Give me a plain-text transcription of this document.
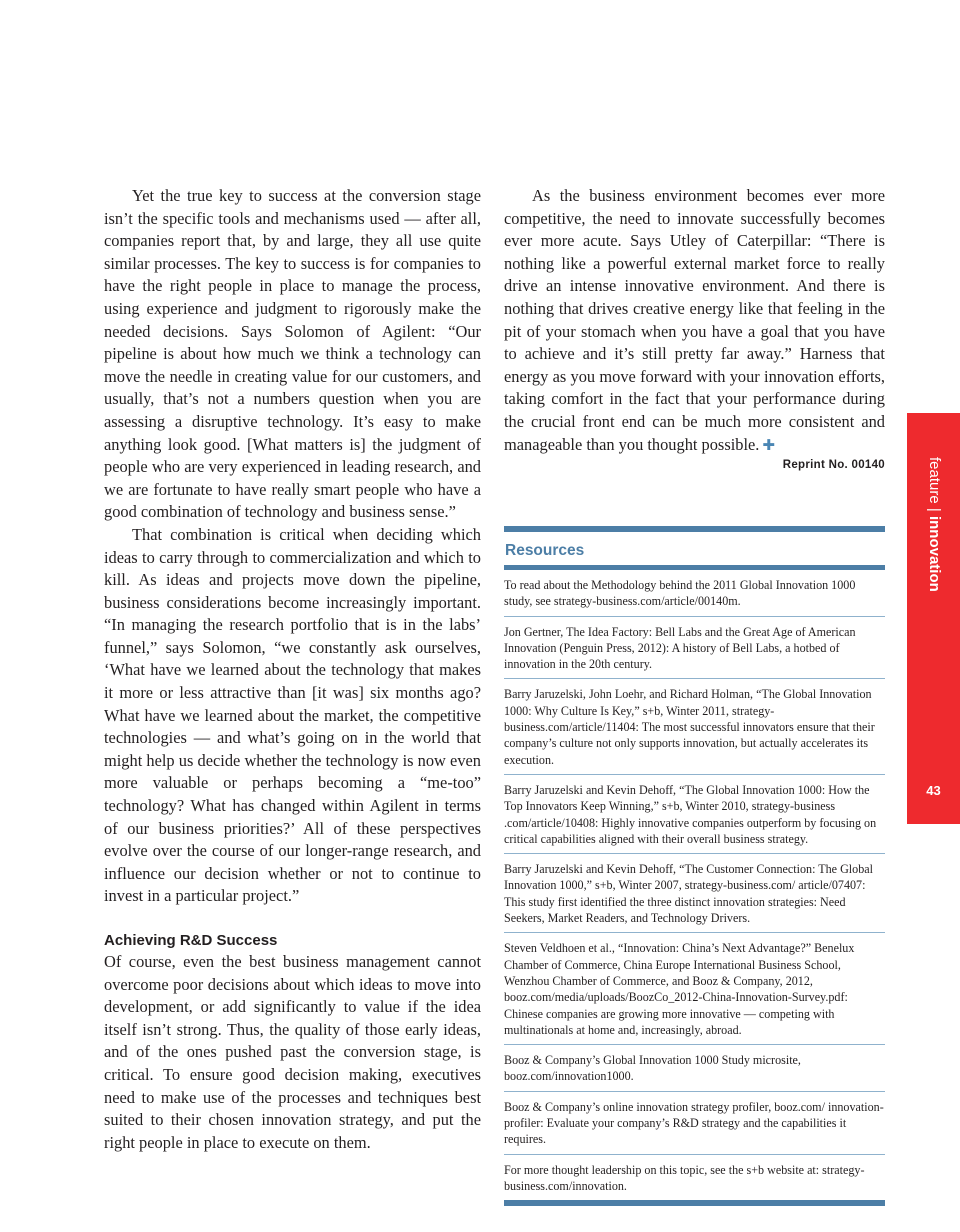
Yet the true key to success at the conversion stage isn’t the specific tools and mechanisms used — after all, companies report that, by and large, they all use quite similar processes. The key to success is for companies to have the right people in place to manage the process, using experience and judgment to rigorously make the needed decisions. Says Solomon of Agilent: “Our pipeline is about how much we think a technology can move the needle in creating value for our customers, and usually, that’s not a numbers question when you are assessing a disruptive technology. It’s easy to make anything look good. [What matters is] the judgment of people who are very experienced in leading research, and we are fortunate to have really smart people who have a good combination of technology and business sense.”

That combination is critical when deciding which ideas to carry through to commercialization and which to kill. As ideas and projects move down the pipeline, business considerations become increasingly important. “In managing the research portfolio that is in the labs’ funnel,” says Solomon, “we constantly ask ourselves, ‘What have we learned about the technology that makes it more or less attractive than [it was] six months ago? What have we learned about the market, the competitive technologies — and what’s going on in the world that might help us decide whether the technology is now even more valuable or perhaps becoming a “me-too” technology? What has changed within Agilent in terms of our business priorities?’ All of these perspectives evolve over the course of our longer-range research, and influence our decision whether or not to continue to invest in a particular project.”

Achieving R&D Success

Of course, even the best business management cannot overcome poor decisions about which ideas to move into development, or add significantly to value if the idea itself isn’t strong. Thus, the quality of those early ideas, and of the ones pushed past the conversion stage, is critical. To ensure good decision making, executives need to make use of the processes and techniques best suited to their chosen innovation strategy, and put the right people in place to execute on them.

As the business environment becomes ever more competitive, the need to innovate successfully becomes ever more acute. Says Utley of Caterpillar: “There is nothing like a powerful external market force to really drive an intense innovative environment. And there is nothing that drives creative energy like that feeling in the pit of your stomach when you have a goal that you have to achieve and it’s still pretty far away.” Harness that energy as you move forward with your innovation efforts, taking comfort in the fact that your performance during the crucial front end can be much more consistent and manageable than you thought possible. ✚

Reprint No. 00140
Resources
To read about the Methodology behind the 2011 Global Innovation 1000 study, see strategy-business.com/article/00140m.
Jon Gertner, The Idea Factory: Bell Labs and the Great Age of American Innovation (Penguin Press, 2012): A history of Bell Labs, a hotbed of innovation in the 20th century.
Barry Jaruzelski, John Loehr, and Richard Holman, “The Global Innovation 1000: Why Culture Is Key,” s+b, Winter 2011, strategy-business.com/article/11404: The most successful innovators ensure that their company’s culture not only supports innovation, but actually accelerates its execution.
Barry Jaruzelski and Kevin Dehoff, “The Global Innovation 1000: How the Top Innovators Keep Winning,” s+b, Winter 2010, strategy-business .com/article/10408: Highly innovative companies outperform by focusing on critical capabilities aligned with their overall business strategy.
Barry Jaruzelski and Kevin Dehoff, “The Customer Connection: The Global Innovation 1000,” s+b, Winter 2007, strategy-business.com/ article/07407: This study first identified the three distinct innovation strategies: Need Seekers, Market Readers, and Technology Drivers.
Steven Veldhoen et al., “Innovation: China’s Next Advantage?” Benelux Chamber of Commerce, China Europe International Business School, Wenzhou Chamber of Commerce, and Booz & Company, 2012, booz.com/media/uploads/BoozCo_2012-China-Innovation-Survey.pdf: Chinese companies are growing more innovative — competing with multinationals at home and, increasingly, abroad.
Booz & Company’s Global Innovation 1000 Study microsite, booz.com/innovation1000.
Booz & Company’s online innovation strategy profiler, booz.com/ innovation-profiler: Evaluate your company’s R&D strategy and the capabilities it requires.
For more thought leadership on this topic, see the s+b website at: strategy-business.com/innovation.
feature | innovation
43
